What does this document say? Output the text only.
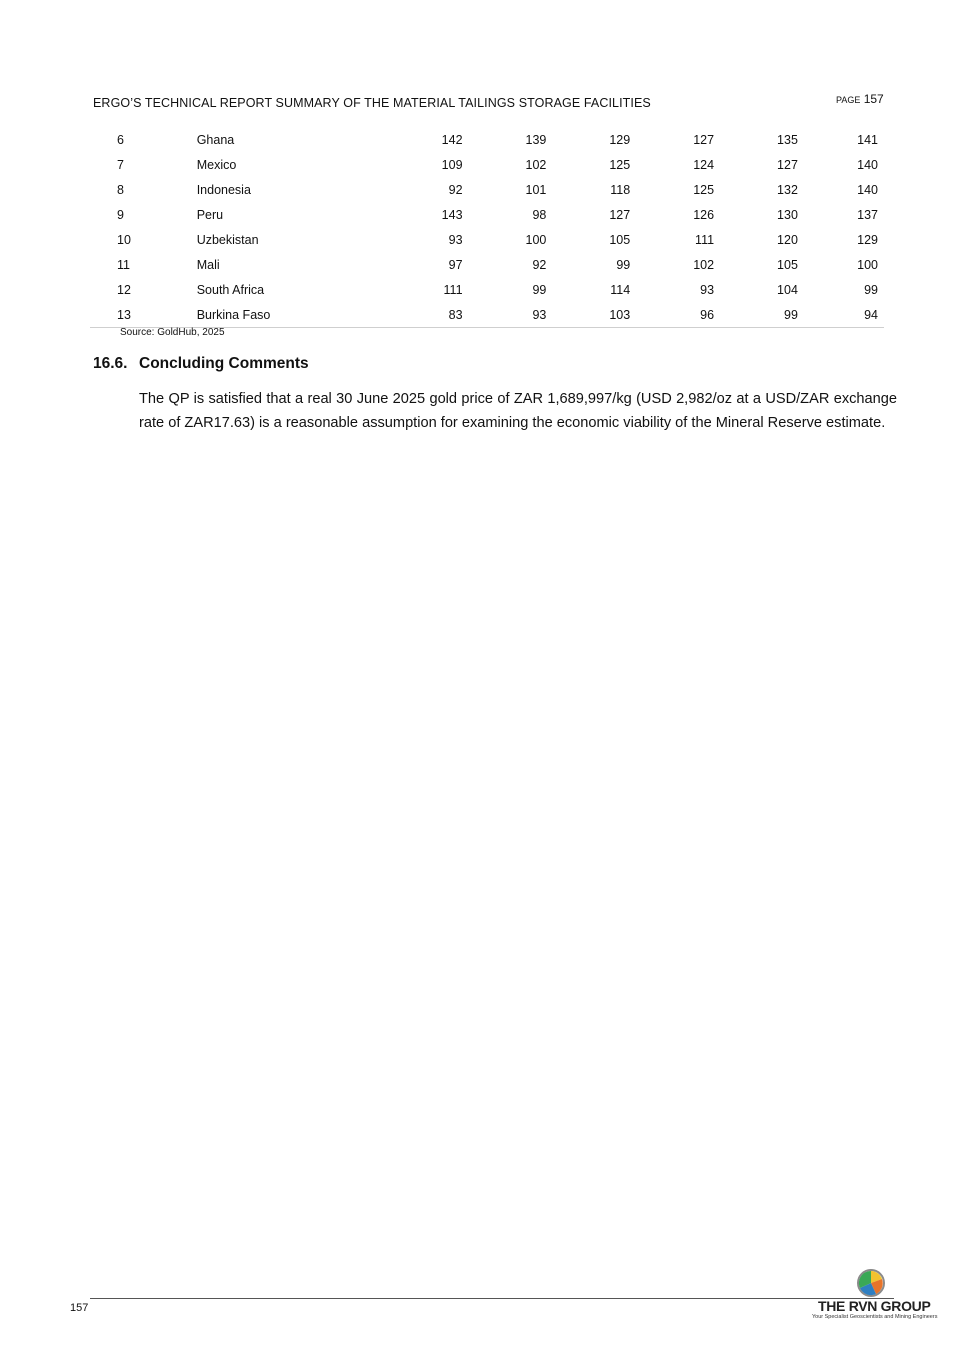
ERGO’S TECHNICAL REPORT SUMMARY OF THE MATERIAL TAILINGS STORAGE FACILITIES	PAGE 157
6	Ghana	142	139	129	127	135	141
7	Mexico	109	102	125	124	127	140
8	Indonesia	92	101	118	125	132	140
9	Peru	143	98	127	126	130	137
10	Uzbekistan	93	100	105	111	120	129
11	Mali	97	92	99	102	105	100
12	South Africa	111	99	114	93	104	99
13	Burkina Faso	83	93	103	96	99	94
Source: GoldHub, 2025
16.6. Concluding Comments
The QP is satisfied that a real 30 June 2025 gold price of ZAR 1,689,997/kg (USD 2,982/oz at a USD/ZAR exchange rate of ZAR17.63) is a reasonable assumption for examining the economic viability of the Mineral Reserve estimate.
157	THE RVN GROUP
Your Specialist Geoscientists and Mining Engineers
